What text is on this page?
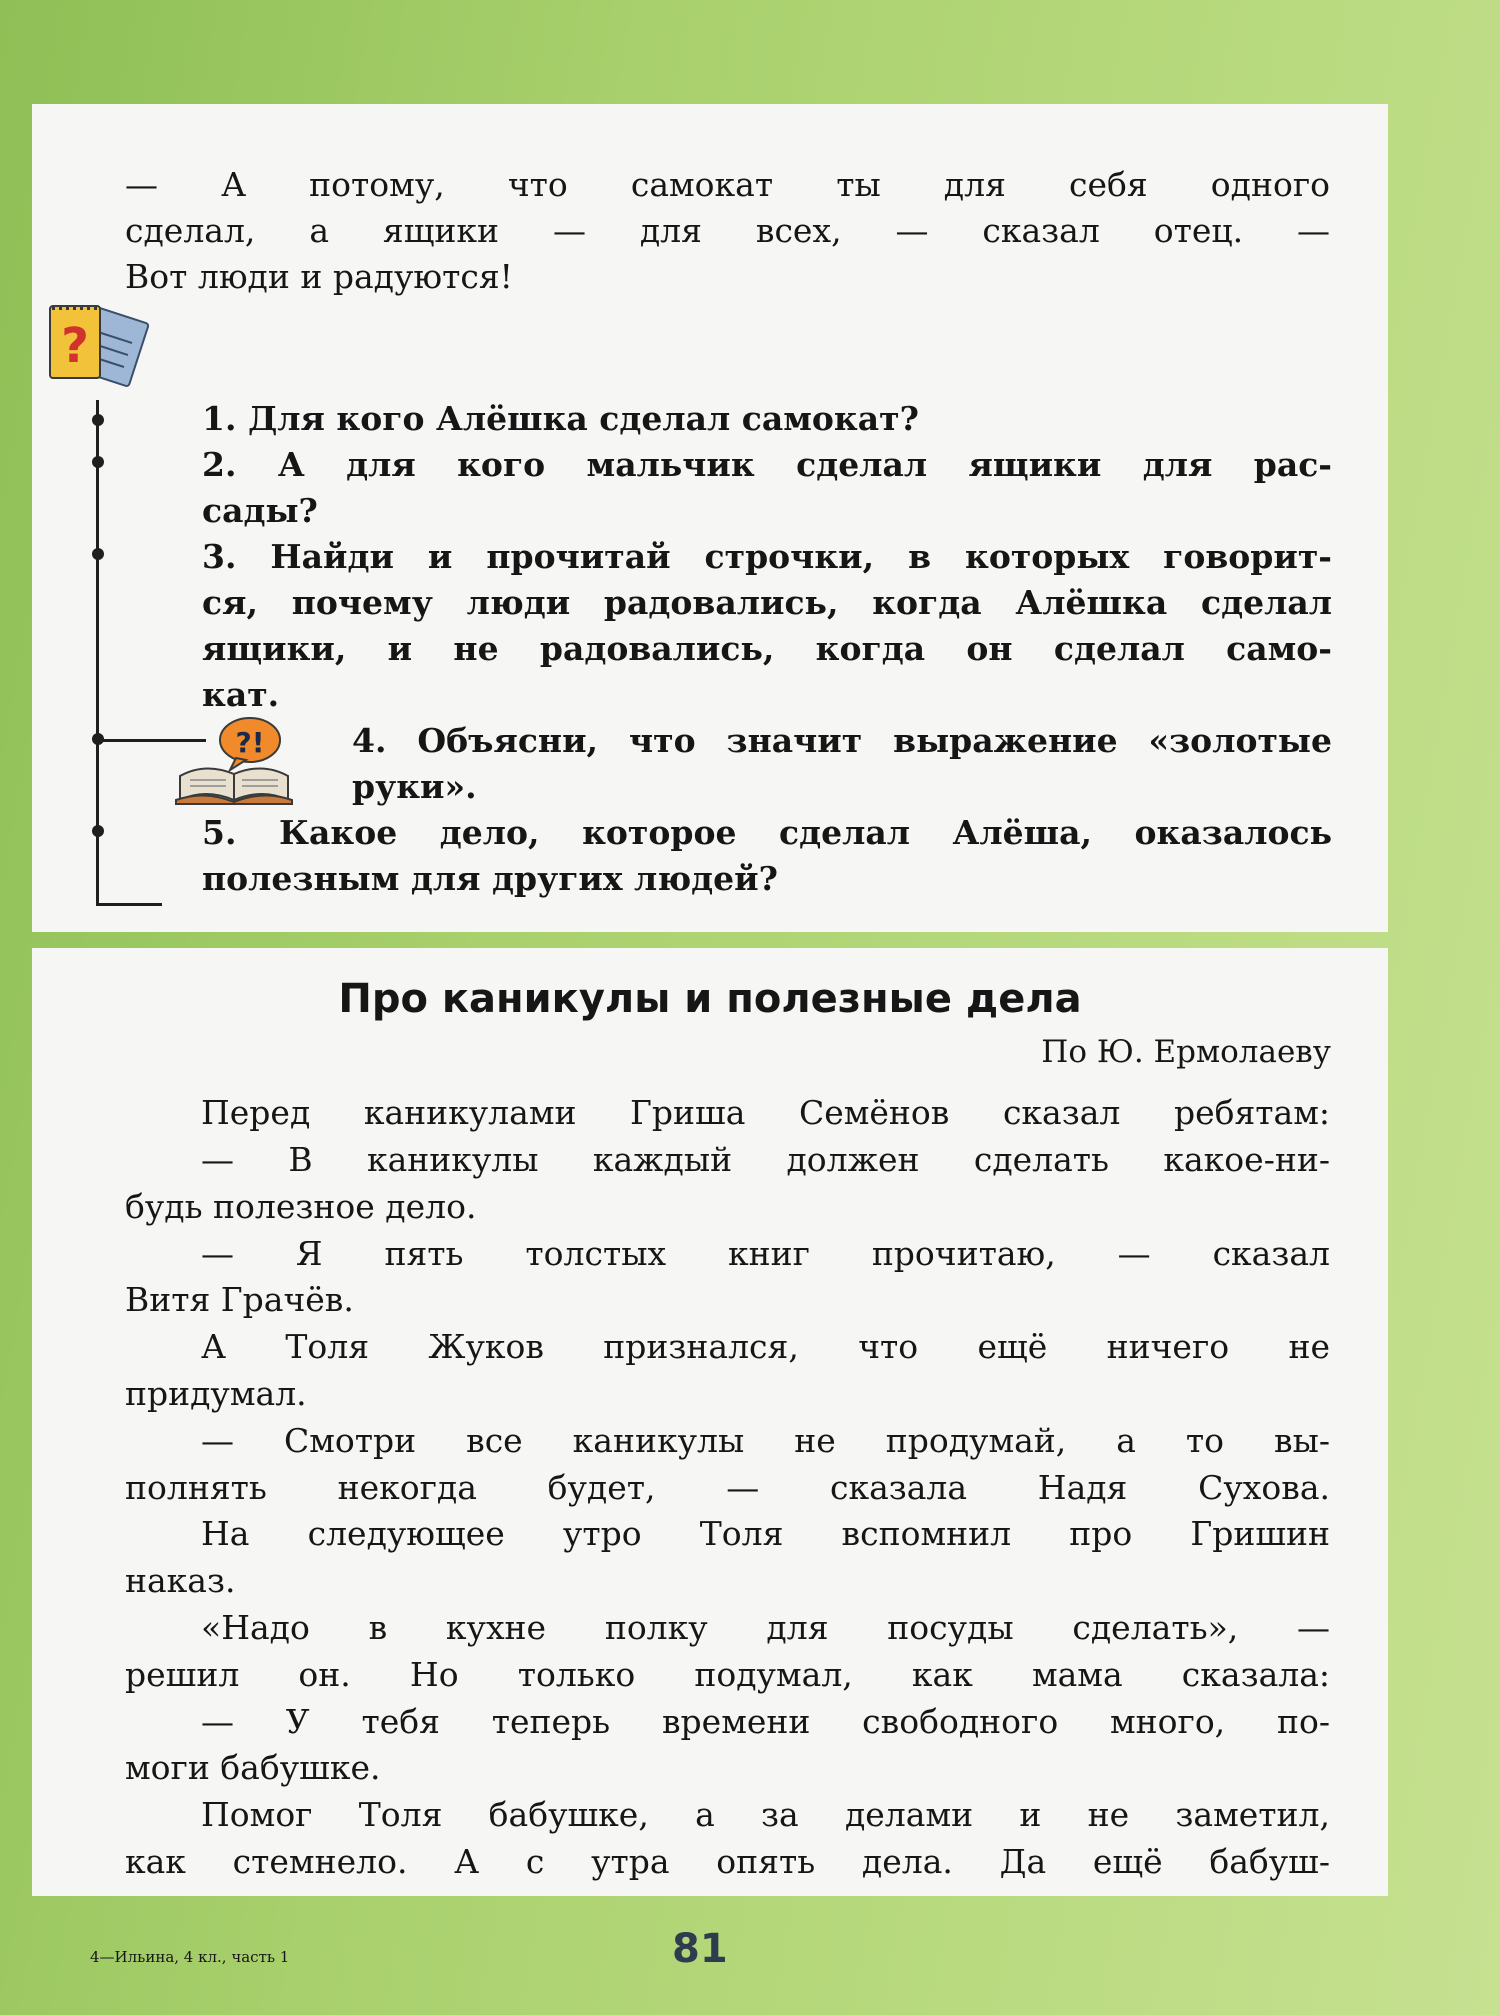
— А потому, что самокат ты для себя одного

сделал, а ящики — для всех, — сказал отец. —

Вот люди и радуются!

?

1. Для кого Алёшка сделал самокат?

2. А для кого мальчик сделал ящики для рас-

сады?

3. Найди и прочитай строчки, в которых говорит-

ся, почему люди радовались, когда Алёшка сделал

ящики, и не радовались, когда он сделал само-

кат.

?!	4. Объясни, что значит выражение «золотые

руки».

5. Какое дело, которое сделал Алёша, оказалось

полезным для других людей?

Про каникулы и полезные дела

По Ю. Ермолаеву

Перед каникулами Гриша Семёнов сказал ребятам:

— В каникулы каждый должен сделать какое-ни-

будь полезное дело.

— Я пять толстых книг прочитаю, — сказал

Витя Грачёв.

А Толя Жуков признался, что ещё ничего не

придумал.

— Смотри все каникулы не продумай, а то вы-

полнять некогда будет, — сказала Надя Сухова.

На следующее утро Толя вспомнил про Гришин

наказ.

«Надо в кухне полку для посуды сделать», —

решил он. Но только подумал, как мама сказала:

— У тебя теперь времени свободного много, по-

моги бабушке.

Помог Толя бабушке, а за делами и не заметил,

как стемнело. А с утра опять дела. Да ещё бабуш-

4—Ильина, 4 кл., часть 1	81
